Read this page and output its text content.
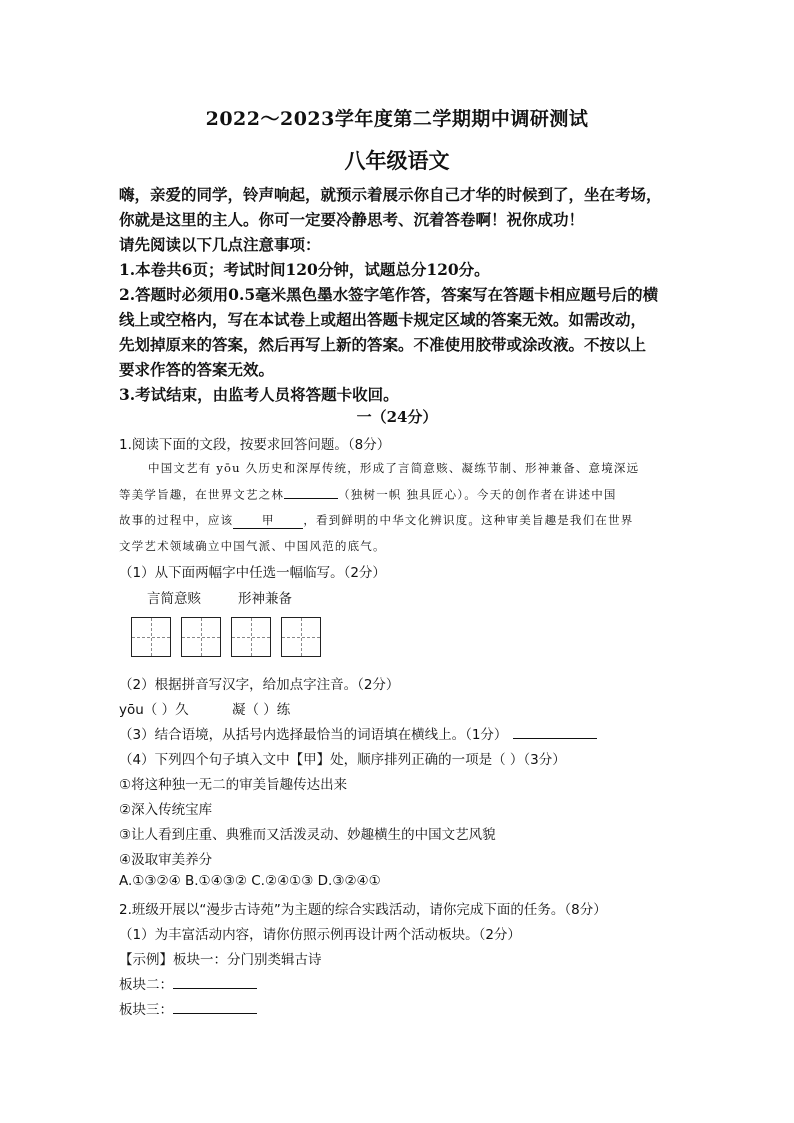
2022～2023学年度第二学期期中调研测试
八年级语文
嗨，亲爱的同学，铃声响起，就预示着展示你自己才华的时候到了，坐在考场，
你就是这里的主人。你可一定要冷静思考、沉着答卷啊！祝你成功！
请先阅读以下几点注意事项：
1.本卷共6页；考试时间120分钟，试题总分120分。
2.答题时必须用0.5毫米黑色墨水签字笔作答，答案写在答题卡相应题号后的横
线上或空格内，写在本试卷上或超出答题卡规定区域的答案无效。如需改动，
先划掉原来的答案，然后再写上新的答案。不准使用胶带或涂改液。不按以上
要求作答的答案无效。
3.考试结束，由监考人员将答题卡收回。
一（24分）
1.阅读下面的文段，按要求回答问题。（8分）
中国文艺有 yōu 久历史和深厚传统，形成了言简意赅、凝练节制、形神兼备、意境深远
等美学旨趣，在世界文艺之林	（独树一帜 独具匠心）。今天的创作者在讲述中国
故事的过程中，应该 甲 ，看到鲜明的中华文化辨识度。这种审美旨趣是我们在世界
文学艺术领域确立中国气派、中国风范的底气。
（1）从下面两幅字中任选一幅临写。（2分）
言简意赅	形神兼备
（2）根据拼音写汉字，给加点字注音。（2分）
yōu（ ）久	凝（ ）练
（3）结合语境，从括号内选择最恰当的词语填在横线上。（1分）
（4）下列四个句子填入文中【甲】处，顺序排列正确的一项是（ ）（3分）
①将这种独一无二的审美旨趣传达出来
②深入传统宝库
③让人看到庄重、典雅而又活泼灵动、妙趣横生的中国文艺风貌
④汲取审美养分
A.①③②④ B.①④③② C.②④①③ D.③②④①
2.班级开展以“漫步古诗苑”为主题的综合实践活动，请你完成下面的任务。（8分）
（1）为丰富活动内容，请你仿照示例再设计两个活动板块。（2分）
【示例】板块一：分门别类辑古诗
板块二：
板块三：
